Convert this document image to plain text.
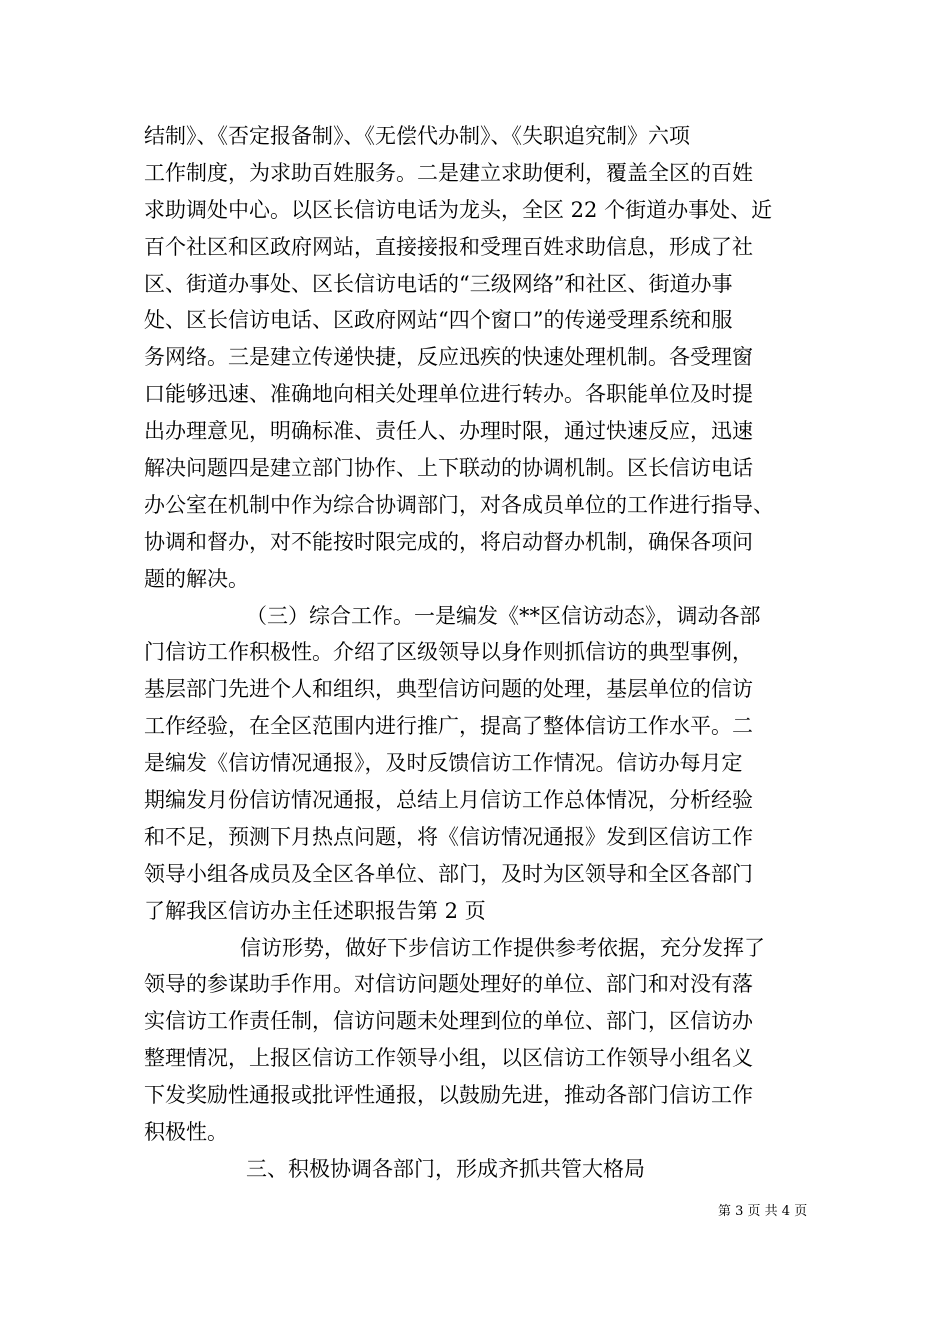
结制》、《否定报备制》、《无偿代办制》、《失职追究制》六项
工作制度，为求助百姓服务。二是建立求助便利，覆盖全区的百姓
求助调处中心。以区长信访电话为龙头，全区 22 个街道办事处、近
百个社区和区政府网站，直接接报和受理百姓求助信息，形成了社
区、街道办事处、区长信访电话的“三级网络”和社区、街道办事
处、区长信访电话、区政府网站“四个窗口”的传递受理系统和服
务网络。三是建立传递快捷，反应迅疾的快速处理机制。各受理窗
口能够迅速、准确地向相关处理单位进行转办。各职能单位及时提
出办理意见，明确标准、责任人、办理时限，通过快速反应，迅速
解决问题四是建立部门协作、上下联动的协调机制。区长信访电话
办公室在机制中作为综合协调部门，对各成员单位的工作进行指导、
协调和督办，对不能按时限完成的，将启动督办机制，确保各项问
题的解决。
（三）综合工作。一是编发《**区信访动态》，调动各部
门信访工作积极性。介绍了区级领导以身作则抓信访的典型事例，
基层部门先进个人和组织，典型信访问题的处理，基层单位的信访
工作经验，在全区范围内进行推广，提高了整体信访工作水平。二
是编发《信访情况通报》，及时反馈信访工作情况。信访办每月定
期编发月份信访情况通报，总结上月信访工作总体情况，分析经验
和不足，预测下月热点问题，将《信访情况通报》发到区信访工作
领导小组各成员及全区各单位、部门，及时为区领导和全区各部门
了解我区信访办主任述职报告第 2 页
信访形势，做好下步信访工作提供参考依据，充分发挥了
领导的参谋助手作用。对信访问题处理好的单位、部门和对没有落
实信访工作责任制，信访问题未处理到位的单位、部门，区信访办
整理情况，上报区信访工作领导小组，以区信访工作领导小组名义
下发奖励性通报或批评性通报，以鼓励先进，推动各部门信访工作
积极性。
三、积极协调各部门，形成齐抓共管大格局
第 3 页 共 4 页
